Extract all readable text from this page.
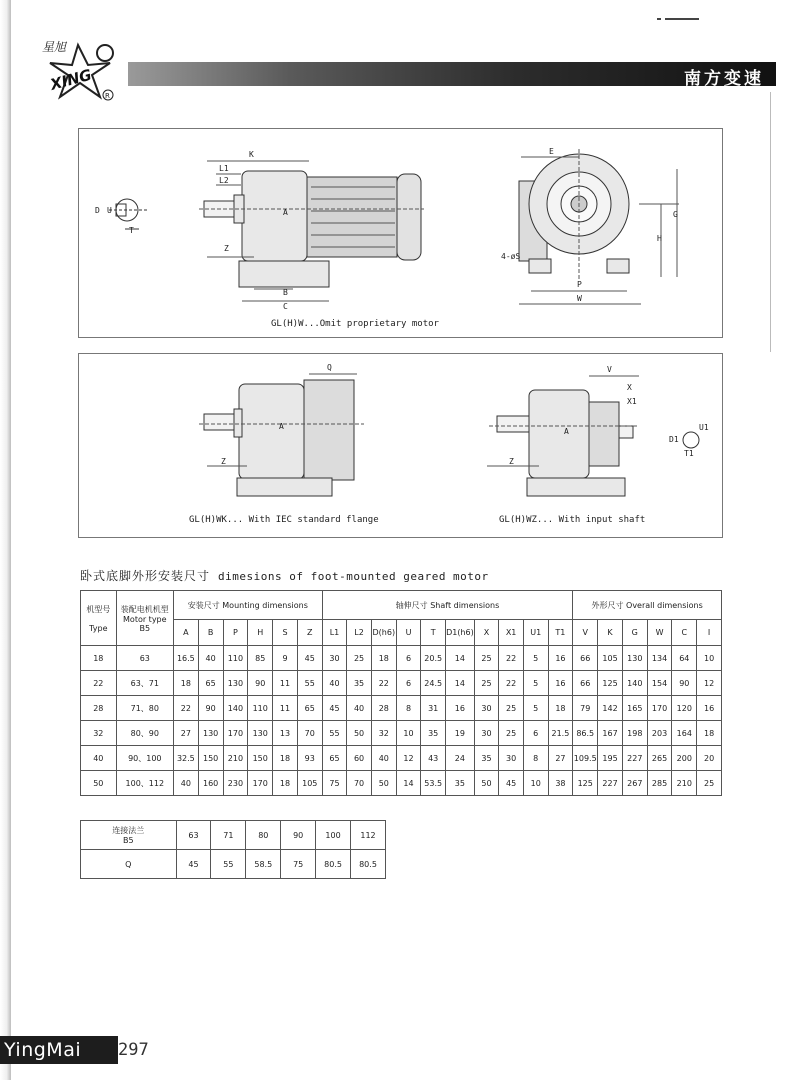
星旭
XING
R
南方变速
D U
T
K
L1
L2
A
Z
B
C
E
G
H
4-øS
P
W
GL(H)W...Omit proprietary motor
Q
A
Z
V
X
X1
A
Z
D1
U1
T1
GL(H)WK... With IEC standard flange	GL(H)WZ... With input shaft
卧式底脚外形安装尺寸 dimesions of foot-mounted geared motor
机型号

Type	装配电机机型
Motor type
B5	安装尺寸 Mounting dimensions						轴伸尺寸 Shaft dimensions										外形尺寸 Overall dimensions					
		A	B	P	H	S	Z	L1	L2	D(h6)	U	T	D1(h6)	X	X1	U1	T1	V	K	G	W	C	I
18	63	16.5	40	110	85	9	45	30	25	18	6	20.5	14	25	22	5	16	66	105	130	134	64	10
22	63、71	18	65	130	90	11	55	40	35	22	6	24.5	14	25	22	5	16	66	125	140	154	90	12
28	71、80	22	90	140	110	11	65	45	40	28	8	31	16	30	25	5	18	79	142	165	170	120	16
32	80、90	27	130	170	130	13	70	55	50	32	10	35	19	30	25	6	21.5	86.5	167	198	203	164	18
40	90、100	32.5	150	210	150	18	93	65	60	40	12	43	24	35	30	8	27	109.5	195	227	265	200	20
50	100、112	40	160	230	170	18	105	75	70	50	14	53.5	35	50	45	10	38	125	227	267	285	210	25
连接法兰
B5	63	71	80	90	100	112
Q	45	55	58.5	75	80.5	80.5
YingMai	297
